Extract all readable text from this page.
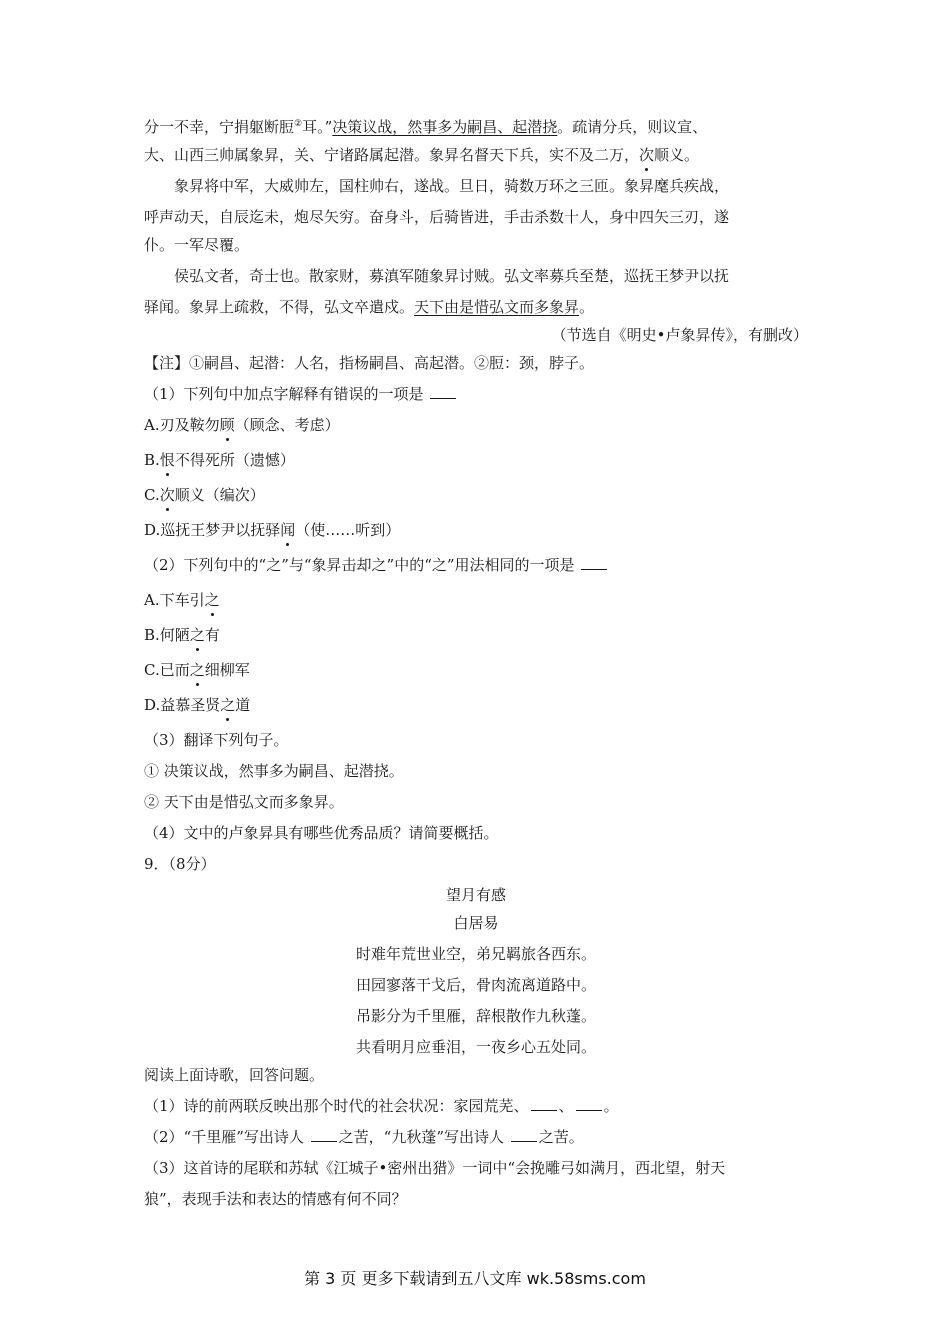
分一不幸，宁捐躯断脰②耳。”决策议战，然事多为嗣昌、起潜挠。疏请分兵，则议宣、
大、山西三帅属象昇，关、宁诸路属起潜。象昇名督天下兵，实不及二万，次顺义。
象昇将中军，大威帅左，国柱帅右，遂战。旦日，骑数万环之三匝。象昇麾兵疾战，
呼声动天，自辰迄未，炮尽矢穷。奋身斗，后骑皆进，手击杀数十人，身中四矢三刃，遂
仆。一军尽覆。
侯弘文者，奇士也。散家财，募滇军随象昇讨贼。弘文率募兵至楚，巡抚王梦尹以抚
驿闻。象昇上疏救，不得，弘文卒遣戍。天下由是惜弘文而多象昇。
（节选自《明史•卢象昇传》，有删改）
【注】①嗣昌、起潜：人名，指杨嗣昌、高起潜。②脰：颈，脖子。
（1）下列句中加点字解释有错误的一项是
A.刃及鞍勿顾（顾念、考虑）
B.恨不得死所（遗憾）
C.次顺义（编次）
D.巡抚王梦尹以抚驿闻（使……听到）
（2）下列句中的“之”与“象昇击却之”中的“之”用法相同的一项是
A.下车引之
B.何陋之有
C.已而之细柳军
D.益慕圣贤之道
（3）翻译下列句子。
① 决策议战，然事多为嗣昌、起潜挠。
② 天下由是惜弘文而多象昇。
（4）文中的卢象昇具有哪些优秀品质？请简要概括。
9．（8分）
望月有感
白居易
时难年荒世业空，弟兄羁旅各西东。
田园寥落干戈后，骨肉流离道路中。
吊影分为千里雁，辞根散作九秋蓬。
共看明月应垂泪，一夜乡心五处同。
阅读上面诗歌，回答问题。
（1）诗的前两联反映出那个时代的社会状况：家园荒芜、 、 。
（2）“千里雁”写出诗人 之苦，“九秋蓬”写出诗人 之苦。
（3）这首诗的尾联和苏轼《江城子•密州出猎》一词中“会挽雕弓如满月，西北望，射天
狼”，表现手法和表达的情感有何不同？
第 3 页 更多下载请到五八文库 wk.58sms.com
